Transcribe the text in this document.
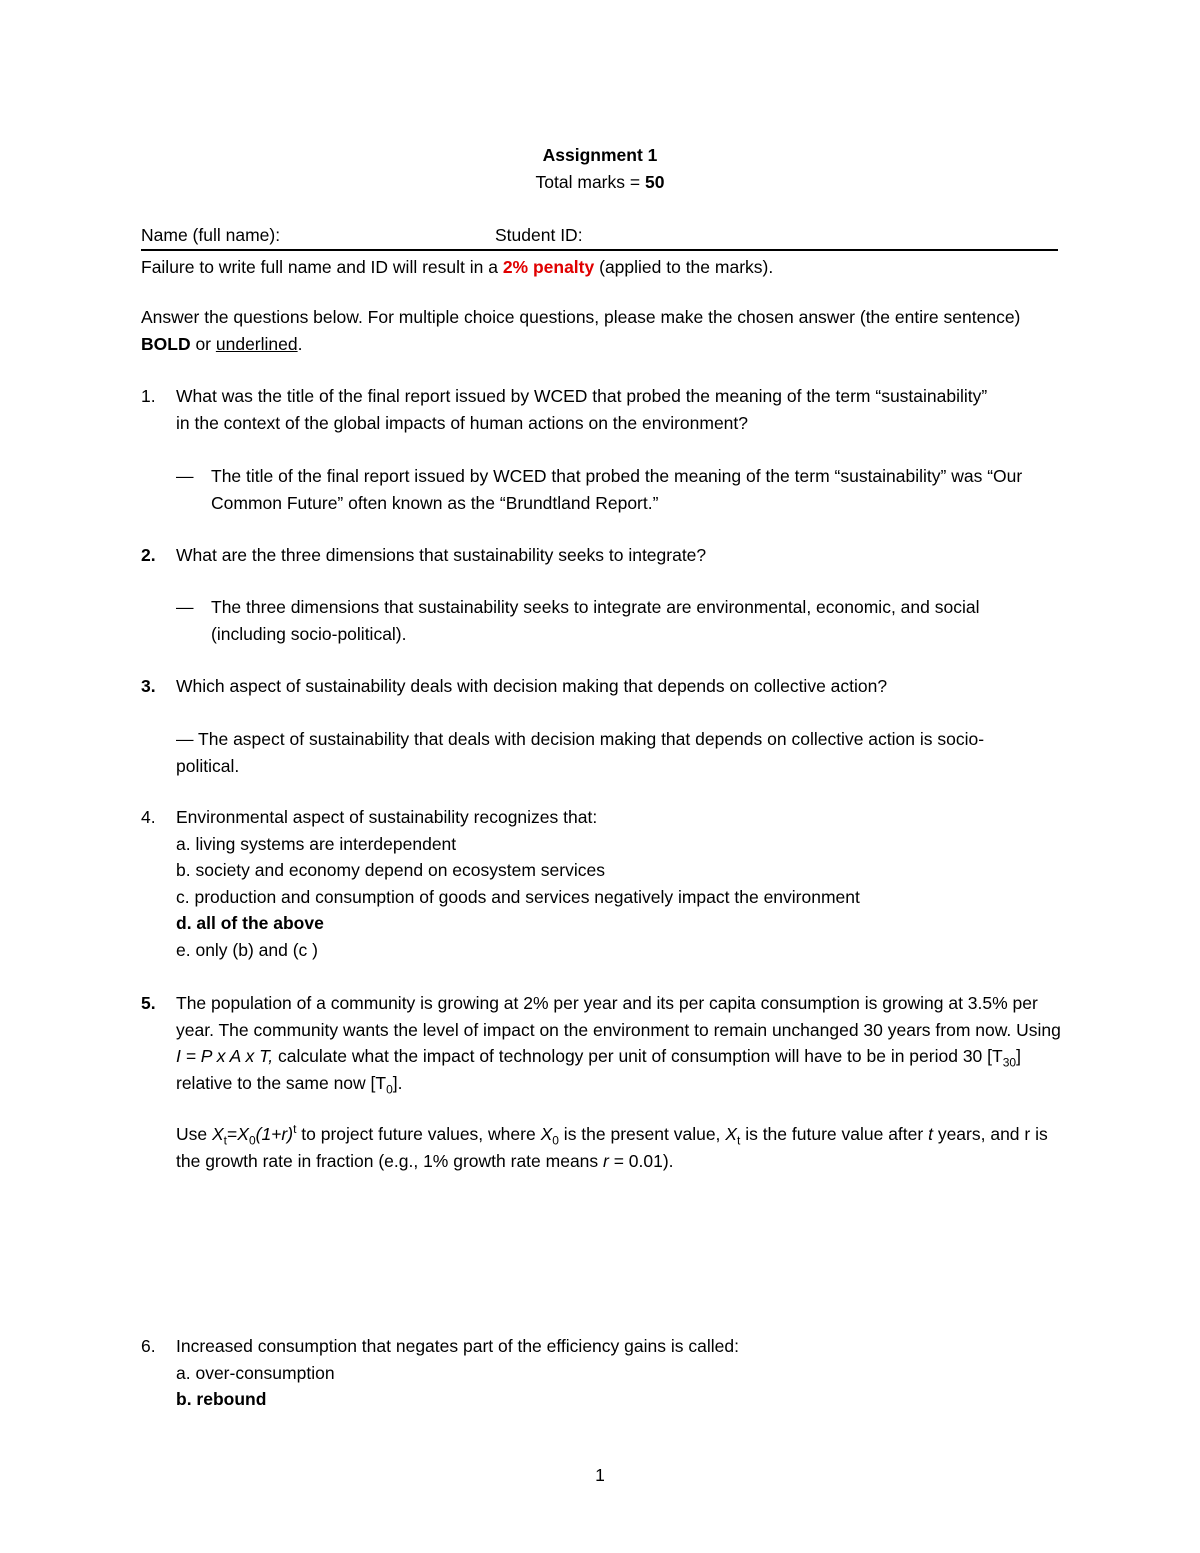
Assignment 1
Total marks = 50
Name (full name):	Student ID:
Failure to write full name and ID will result in a 2% penalty (applied to the marks).
Answer the questions below. For multiple choice questions, please make the chosen answer (the entire sentence) BOLD or underlined.
1.	What was the title of the final report issued by WCED that probed the meaning of the term “sustainability” in the context of the global impacts of human actions on the environment?
—	The title of the final report issued by WCED that probed the meaning of the term “sustainability” was “Our Common Future” often known as the “Brundtland Report.”
2.	What are the three dimensions that sustainability seeks to integrate?
—	The three dimensions that sustainability seeks to integrate are environmental, economic, and social (including socio-political).
3.	Which aspect of sustainability deals with decision making that depends on collective action?
— The aspect of sustainability that deals with decision making that depends on collective action is socio-political.
4.	Environmental aspect of sustainability recognizes that:
a. living systems are interdependent
b. society and economy depend on ecosystem services
c. production and consumption of goods and services negatively impact the environment
d. all of the above
e. only (b) and (c )
5.	The population of a community is growing at 2% per year and its per capita consumption is growing at 3.5% per year. The community wants the level of impact on the environment to remain unchanged 30 years from now. Using I = P x A x T, calculate what the impact of technology per unit of consumption will have to be in period 30 $[T_{30}]$ relative to the same now $[T_0]$.
Use $X_t=X_0(1+r)^t$ to project future values, where $X_0$ is the present value, $X_t$ is the future value after t years, and r is the growth rate in fraction (e.g., 1% growth rate means r = 0.01).
6.	Increased consumption that negates part of the efficiency gains is called:
a. over-consumption
b. rebound
1
